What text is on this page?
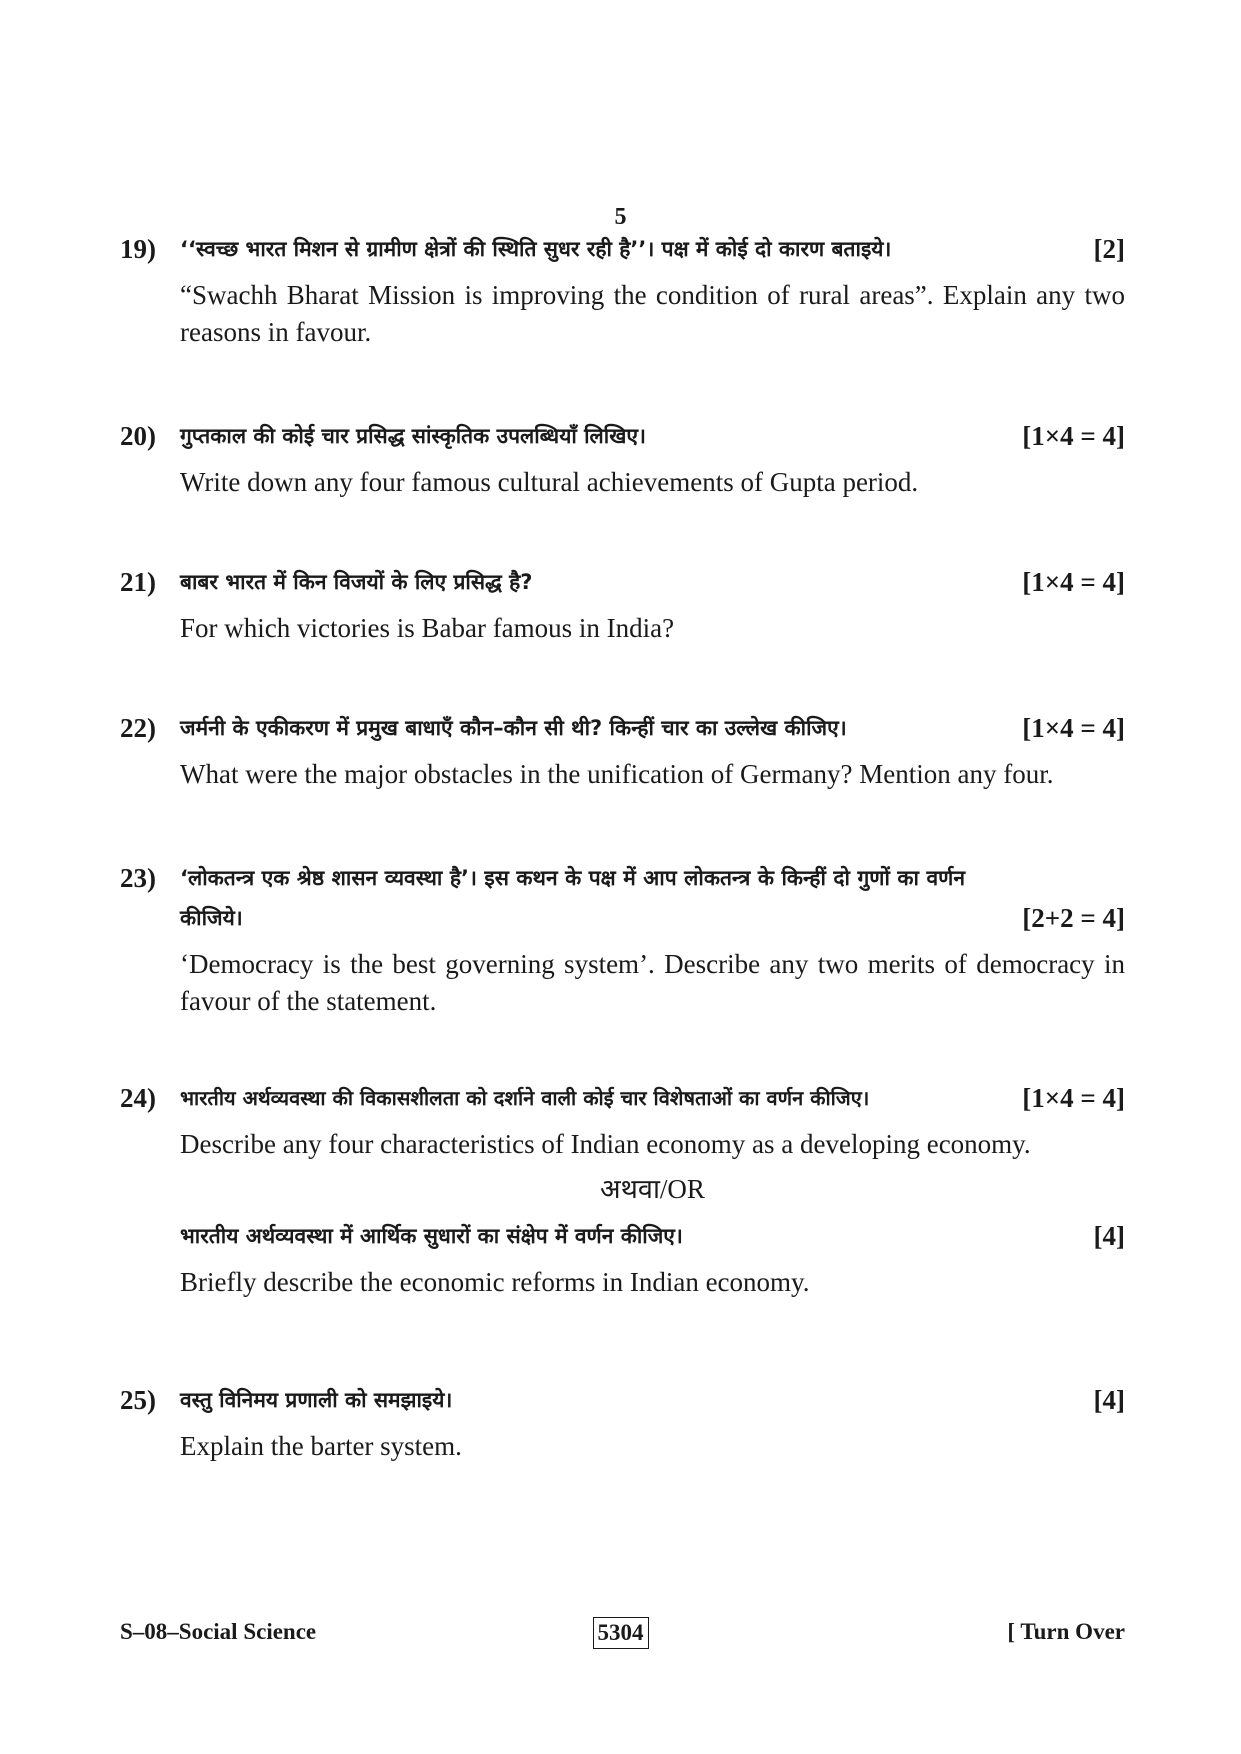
5
19) ‘‘स्वच्छ भारत मिशन से ग्रामीण क्षेत्रों की स्थिति सुधर रही है’’। पक्ष में कोई दो कारण बताइये।	[2]
“Swachh Bharat Mission is improving the condition of rural areas”. Explain any two reasons in favour.
20) गुप्तकाल की कोई चार प्रसिद्ध सांस्कृतिक उपलब्धियाँ लिखिए।	[1×4 = 4]
Write down any four famous cultural achievements of Gupta period.
21) बाबर भारत में किन विजयों के लिए प्रसिद्ध है?	[1×4 = 4]
For which victories is Babar famous in India?
22) जर्मनी के एकीकरण में प्रमुख बाधाएँ कौन–कौन सी थी? किन्हीं चार का उल्लेख कीजिए।	[1×4 = 4]
What were the major obstacles in the unification of Germany? Mention any four.
23) ‘लोकतन्त्र एक श्रेष्ठ शासन व्यवस्था है’। इस कथन के पक्ष में आप लोकतन्त्र के किन्हीं दो गुणों का वर्णन कीजिये।	[2+2 = 4]
‘Democracy is the best governing system’. Describe any two merits of democracy in favour of the statement.
24) भारतीय अर्थव्यवस्था की विकासशीलता को दर्शाने वाली कोई चार विशेषताओं का वर्णन कीजिए।	[1×4 = 4]
Describe any four characteristics of Indian economy as a developing economy.
अथवा/OR
भारतीय अर्थव्यवस्था में आर्थिक सुधारों का संक्षेप में वर्णन कीजिए।	[4]
Briefly describe the economic reforms in Indian economy.
25) वस्तु विनिमय प्रणाली को समझाइये।	[4]
Explain the barter system.
S–08–Social Science	5304	[ Turn Over
